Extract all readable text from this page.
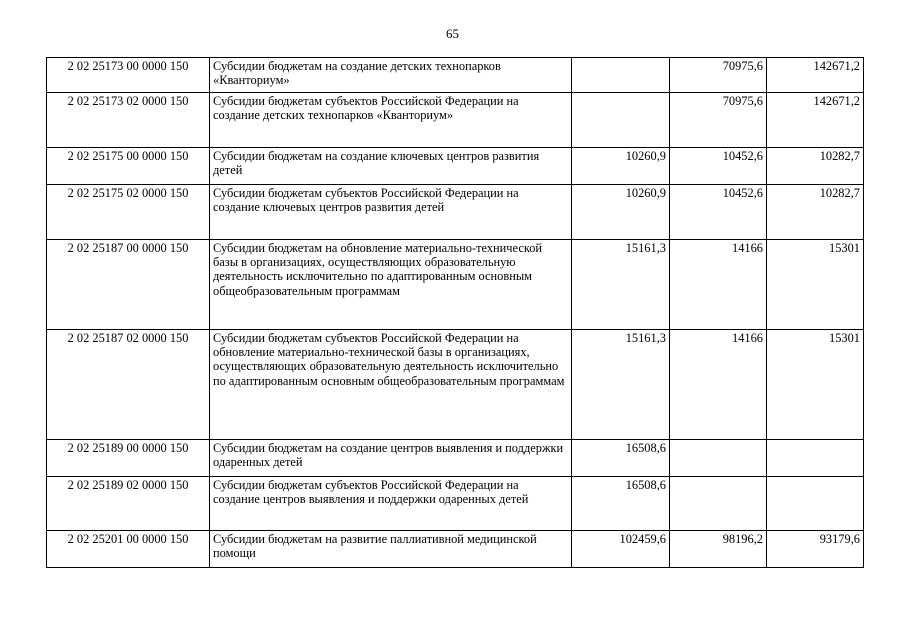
65
2 02 25173 00 0000 150	Субсидии бюджетам на создание детских технопарков «Кванториум»		70975,6	142671,2
2 02 25173 02 0000 150	Субсидии бюджетам субъектов Российской Федерации на создание детских технопарков «Кванториум»		70975,6	142671,2
2 02 25175 00 0000 150	Субсидии бюджетам на создание ключевых центров развития детей	10260,9	10452,6	10282,7
2 02 25175 02 0000 150	Субсидии бюджетам субъектов Российской Федерации на создание ключевых центров развития детей	10260,9	10452,6	10282,7
2 02 25187 00 0000 150	Субсидии бюджетам на обновление материально-технической базы в организациях, осуществляющих образовательную деятельность исключительно по адаптированным основным общеобразовательным программам	15161,3	14166	15301
2 02 25187 02 0000 150	Субсидии бюджетам субъектов Российской Федерации на обновление материально-технической базы в организациях, осуществляющих образовательную деятельность исключительно по адаптированным основным общеобразовательным программам	15161,3	14166	15301
2 02 25189 00 0000 150	Субсидии бюджетам на создание центров выявления и поддержки одаренных детей	16508,6		
2 02 25189 02 0000 150	Субсидии бюджетам субъектов Российской Федерации на создание центров выявления и поддержки одаренных детей	16508,6		
2 02 25201 00 0000 150	Субсидии бюджетам на развитие паллиативной медицинской помощи	102459,6	98196,2	93179,6
